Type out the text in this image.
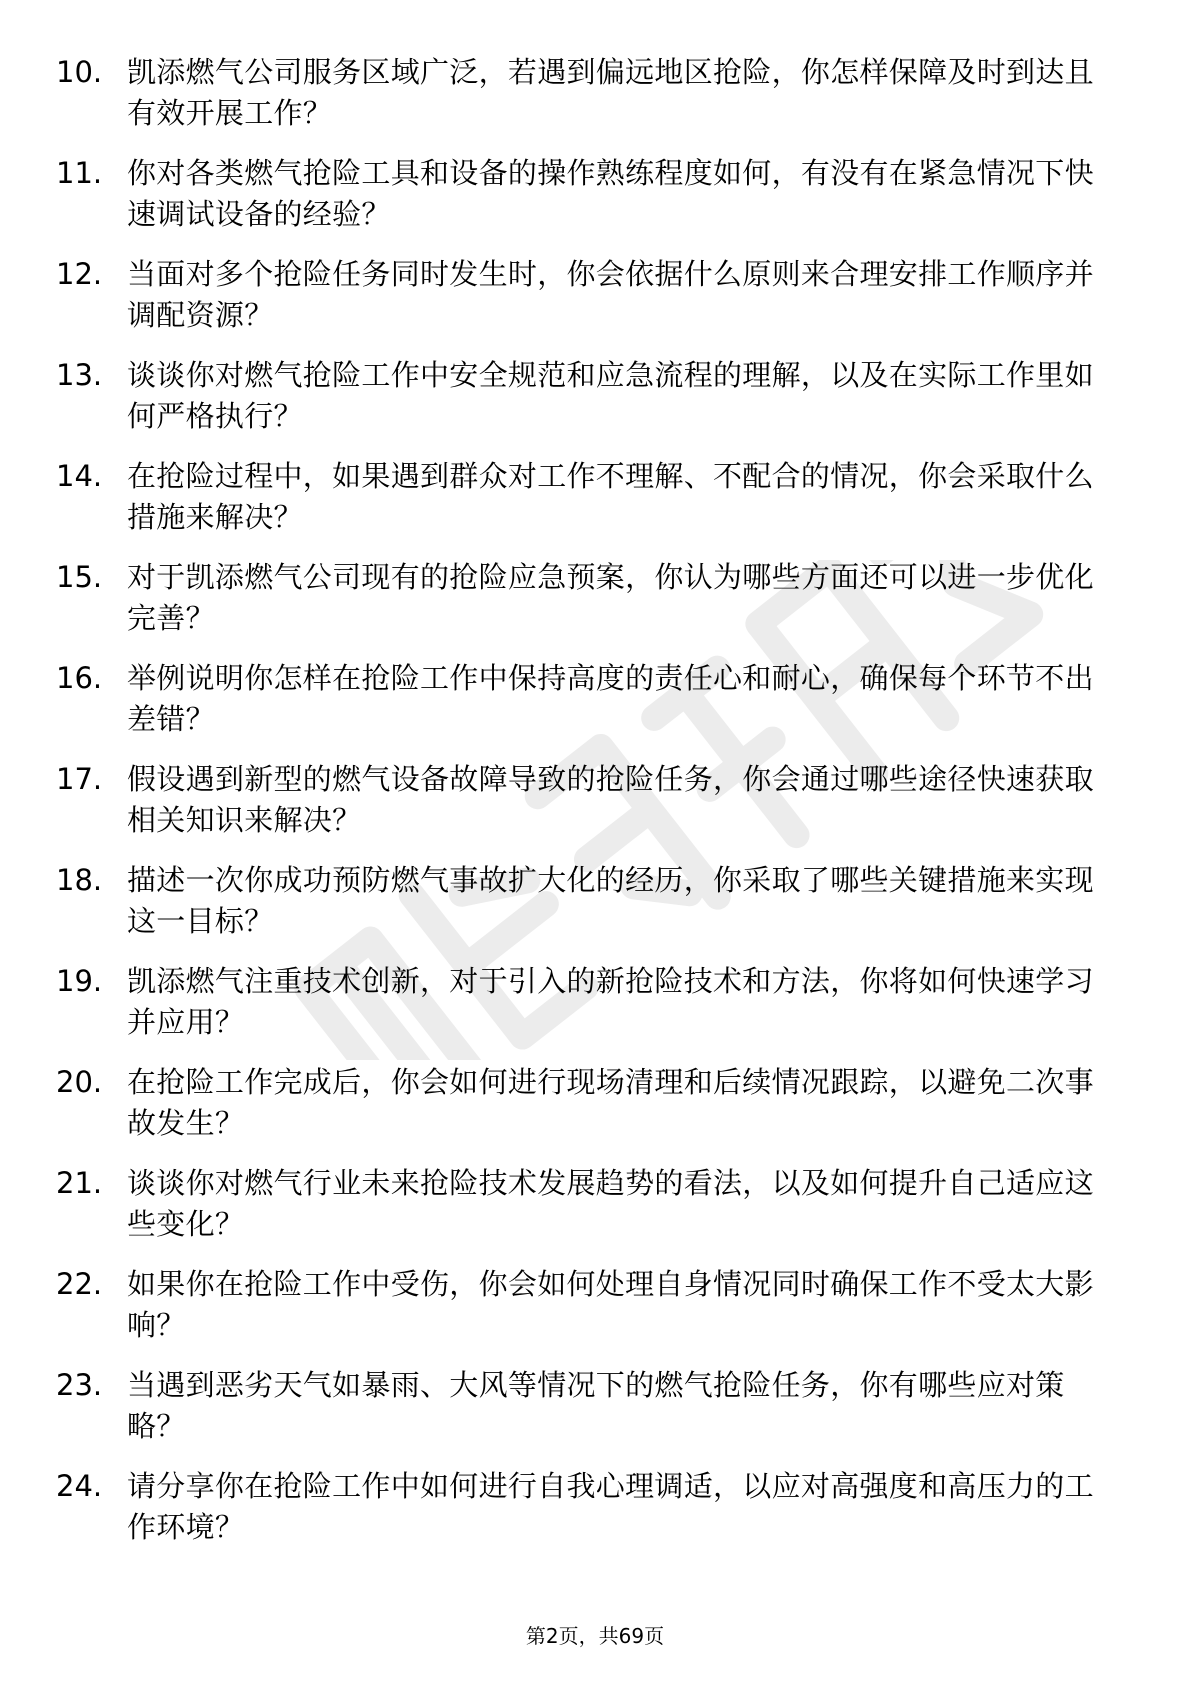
10. 凯添燃气公司服务区域广泛，若遇到偏远地区抢险，你怎样保障及时到达且有效开展工作？
11. 你对各类燃气抢险工具和设备的操作熟练程度如何，有没有在紧急情况下快速调试设备的经验？
12. 当面对多个抢险任务同时发生时，你会依据什么原则来合理安排工作顺序并调配资源？
13. 谈谈你对燃气抢险工作中安全规范和应急流程的理解，以及在实际工作里如何严格执行？
14. 在抢险过程中，如果遇到群众对工作不理解、不配合的情况，你会采取什么措施来解决？
15. 对于凯添燃气公司现有的抢险应急预案，你认为哪些方面还可以进一步优化完善？
16. 举例说明你怎样在抢险工作中保持高度的责任心和耐心，确保每个环节不出差错？
17. 假设遇到新型的燃气设备故障导致的抢险任务，你会通过哪些途径快速获取相关知识来解决？
18. 描述一次你成功预防燃气事故扩大化的经历，你采取了哪些关键措施来实现这一目标？
19. 凯添燃气注重技术创新，对于引入的新抢险技术和方法，你将如何快速学习并应用？
20. 在抢险工作完成后，你会如何进行现场清理和后续情况跟踪，以避免二次事故发生？
21. 谈谈你对燃气行业未来抢险技术发展趋势的看法，以及如何提升自己适应这些变化？
22. 如果你在抢险工作中受伤，你会如何处理自身情况同时确保工作不受太大影响？
23. 当遇到恶劣天气如暴雨、大风等情况下的燃气抢险任务，你有哪些应对策略？
24. 请分享你在抢险工作中如何进行自我心理调适，以应对高强度和高压力的工作环境？
第2页，共69页
